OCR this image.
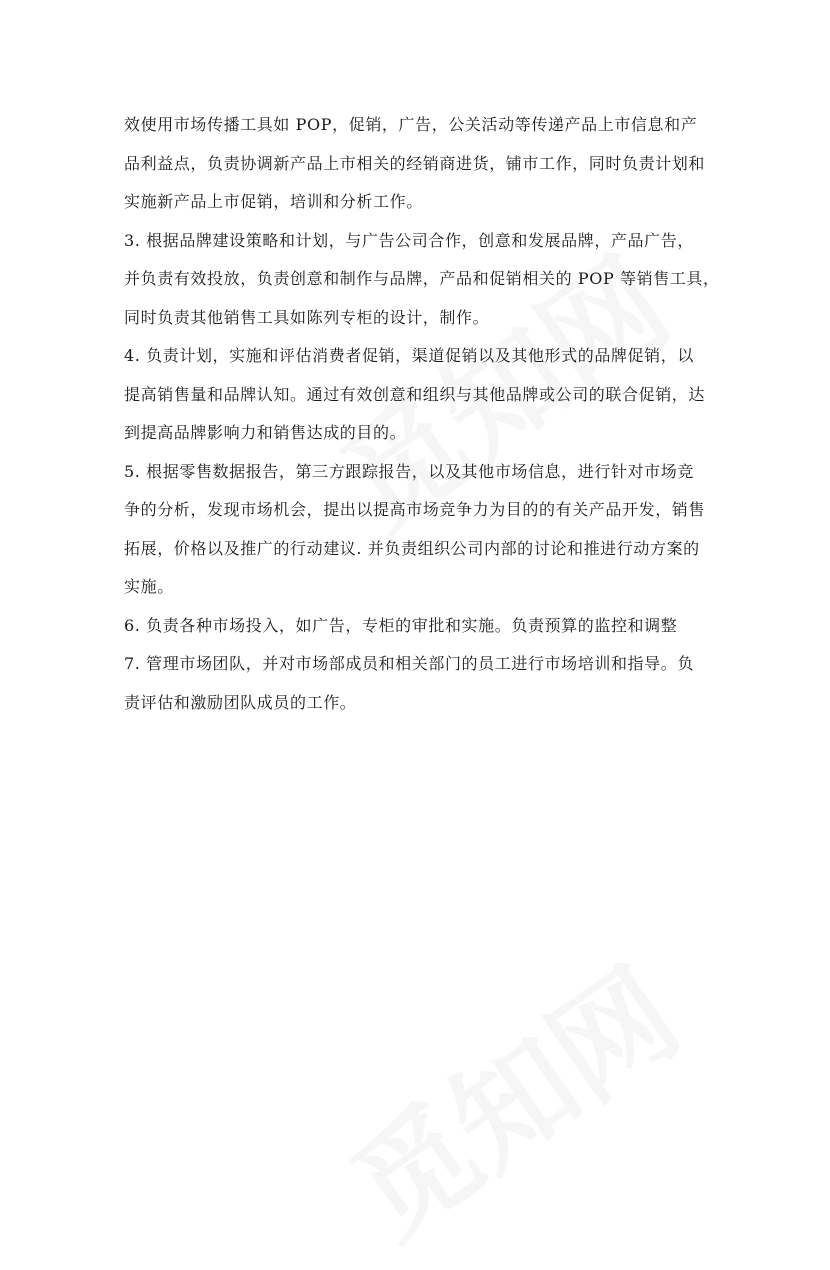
效使用市场传播工具如 POP，促销，广告，公关活动等传递产品上市信息和产
品利益点，负责协调新产品上市相关的经销商进货，铺市工作，同时负责计划和
实施新产品上市促销，培训和分析工作。
3. 根据品牌建设策略和计划，与广告公司合作，创意和发展品牌，产品广告，
并负责有效投放，负责创意和制作与品牌，产品和促销相关的 POP 等销售工具，
同时负责其他销售工具如陈列专柜的设计，制作。
4. 负责计划，实施和评估消费者促销，渠道促销以及其他形式的品牌促销，以
提高销售量和品牌认知。通过有效创意和组织与其他品牌或公司的联合促销，达
到提高品牌影响力和销售达成的目的。
5. 根据零售数据报告，第三方跟踪报告，以及其他市场信息，进行针对市场竞
争的分析，发现市场机会，提出以提高市场竞争力为目的的有关产品开发，销售
拓展，价格以及推广的行动建议. 并负责组织公司内部的讨论和推进行动方案的
实施。
6. 负责各种市场投入，如广告，专柜的审批和实施。负责预算的监控和调整
7. 管理市场团队，并对市场部成员和相关部门的员工进行市场培训和指导。负
责评估和激励团队成员的工作。
